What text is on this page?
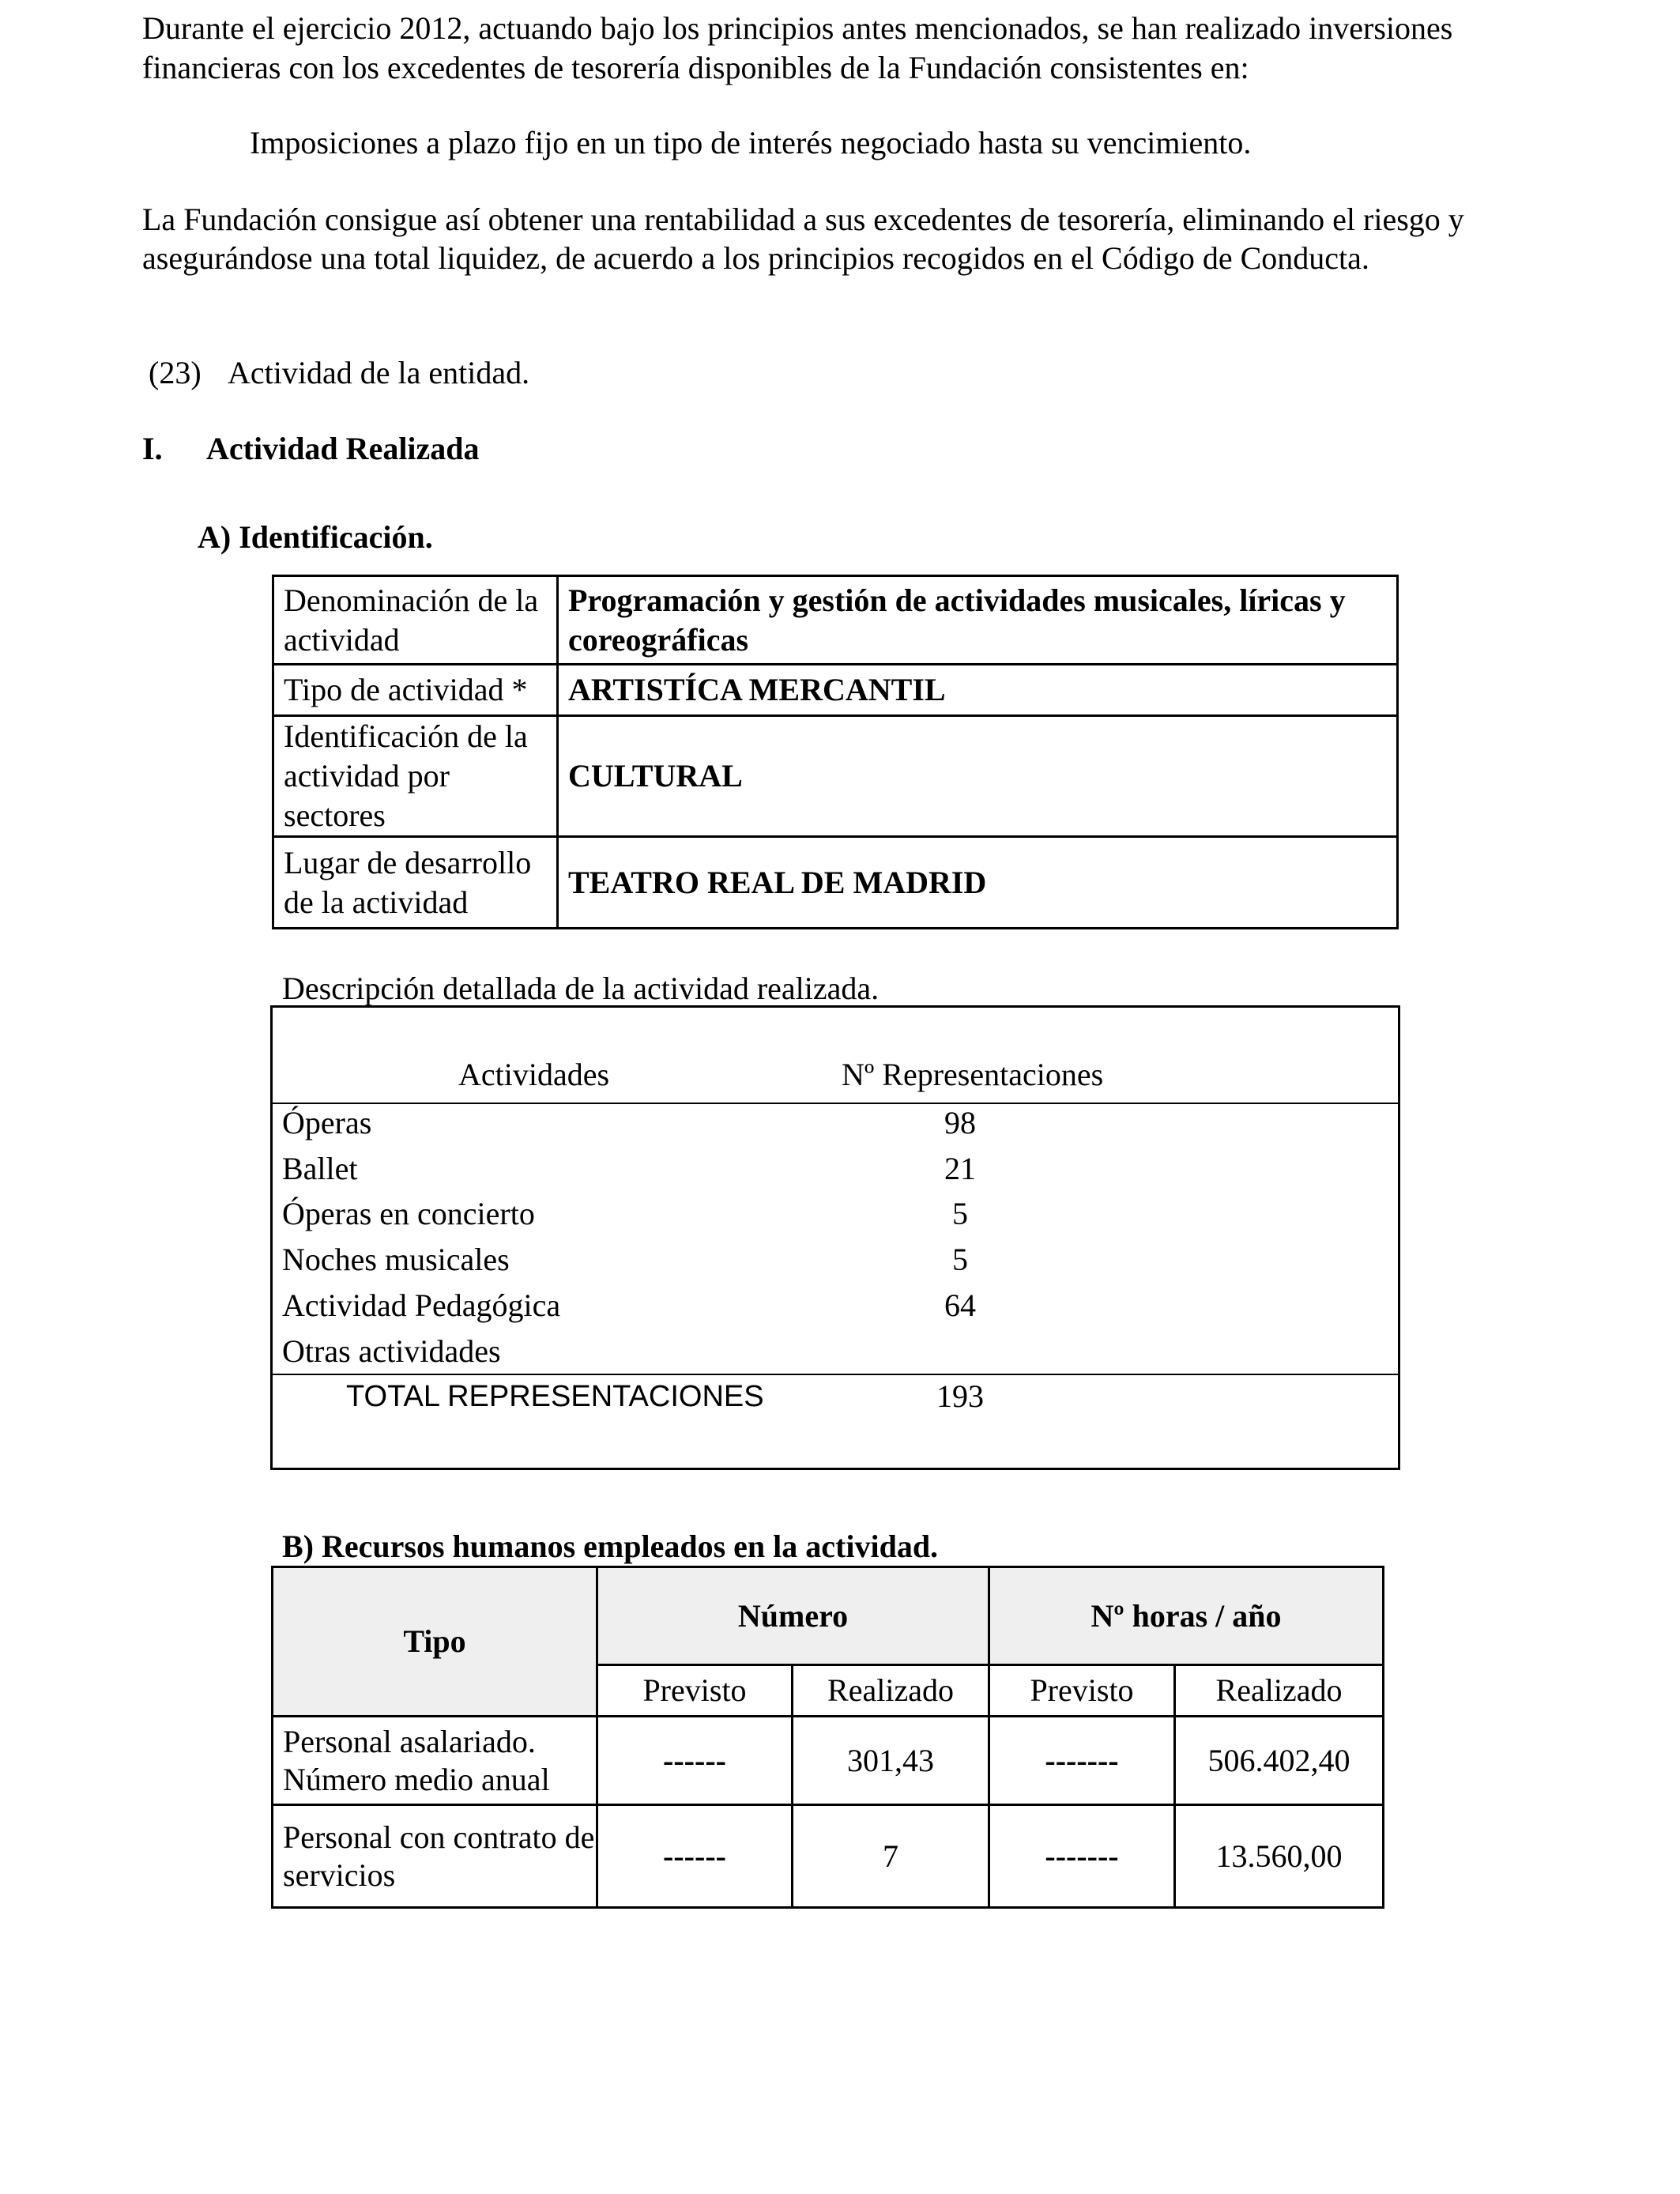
Durante el ejercicio 2012, actuando bajo los principios antes mencionados, se han realizado inversiones
financieras con los excedentes de tesorería disponibles de la Fundación consistentes en:
Imposiciones a plazo fijo en un tipo de interés negociado hasta su vencimiento.
La Fundación consigue así obtener una rentabilidad a sus excedentes de tesorería, eliminando el riesgo y
asegurándose una total liquidez, de acuerdo a los principios recogidos en el Código de Conducta.
(23) Actividad de la entidad.
I. Actividad Realizada
A) Identificación.
Denominación de la actividad	Programación y gestión de actividades musicales, líricas y coreográficas
Tipo de actividad *	ARTISTÍCA MERCANTIL
Identificación de la actividad por sectores	CULTURAL
Lugar de desarrollo de la actividad	TEATRO REAL DE MADRID
Descripción detallada de la actividad realizada.
Actividades	Nº Representaciones
Óperas	98
Ballet	21
Óperas en concierto	5
Noches musicales	5
Actividad Pedagógica	64
Otras actividades
TOTAL REPRESENTACIONES	193
B) Recursos humanos empleados en la actividad.
Tipo	Número		Nº horas / año	
	Previsto	Realizado	Previsto	Realizado
Personal asalariado. Número medio anual	------	301,43	-------	506.402,40
Personal con contrato de servicios	------	7	-------	13.560,00
